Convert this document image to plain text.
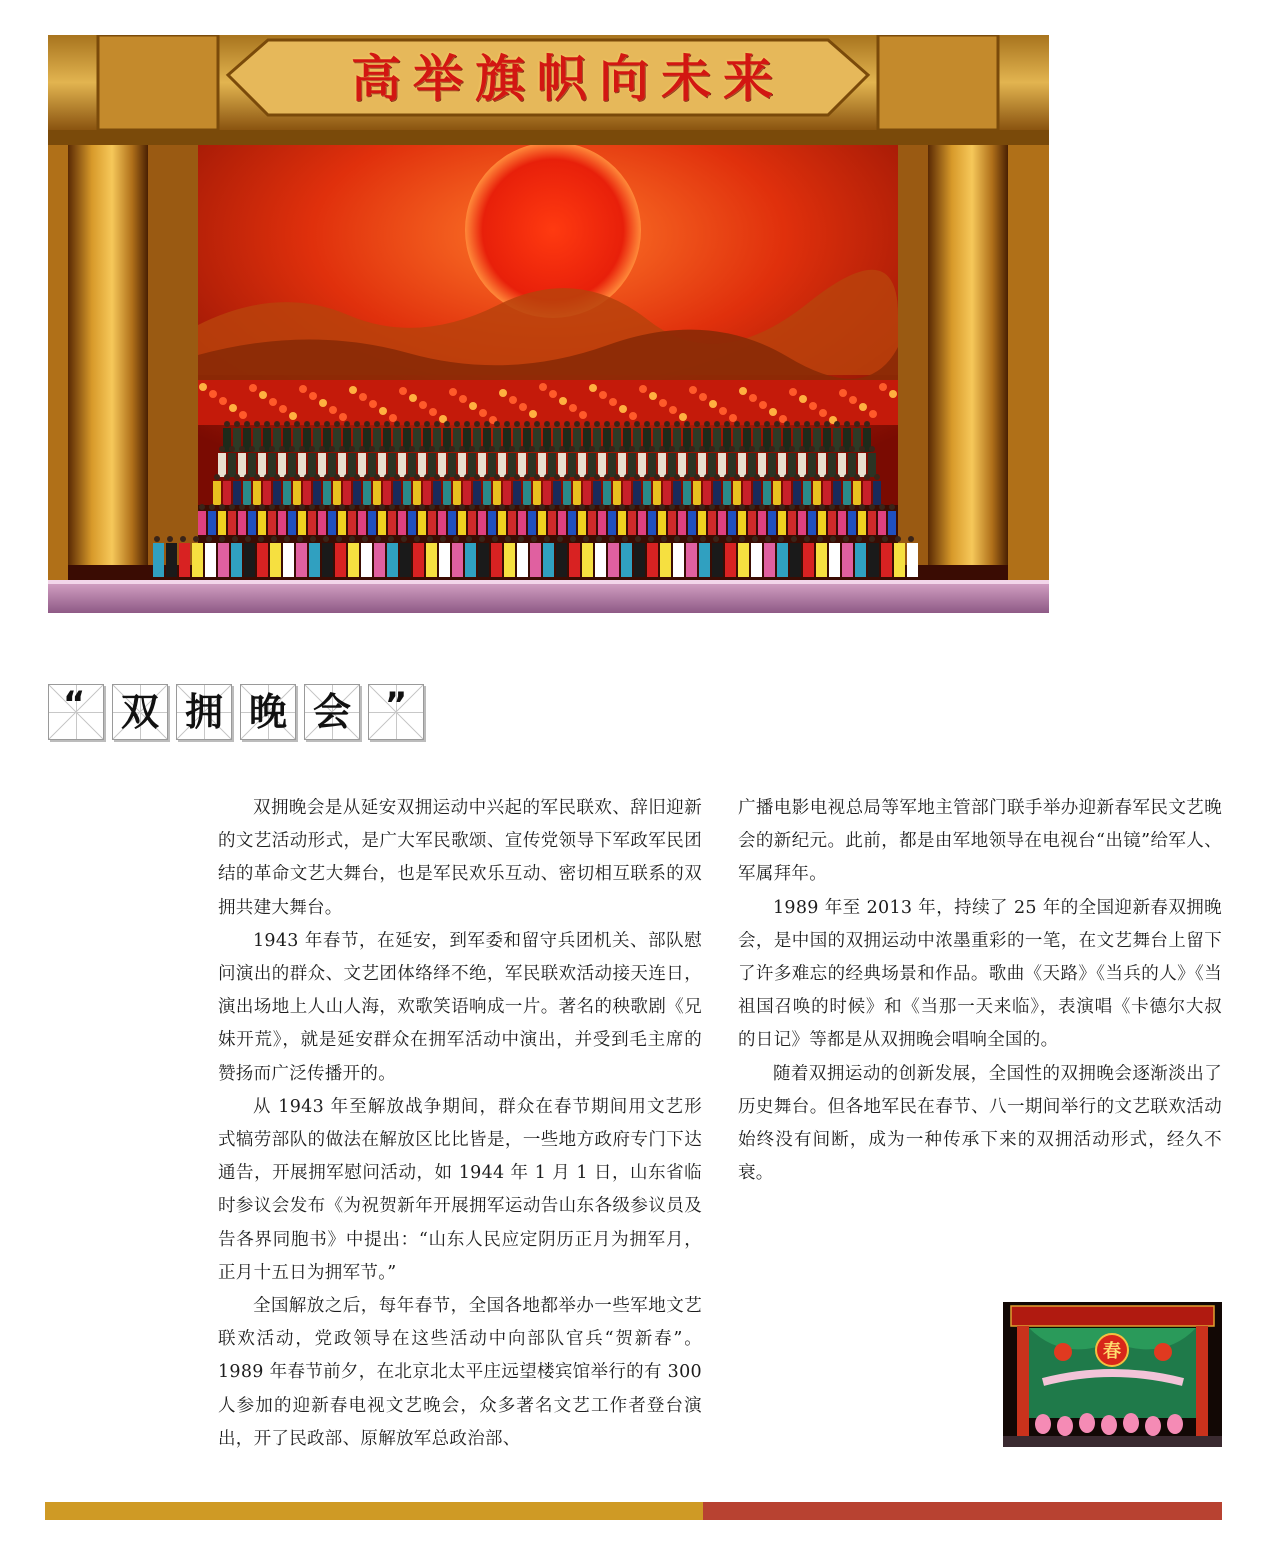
高举旗帜向未来
“ 双 拥 晚 会 ”

双拥晚会是从延安双拥运动中兴起的军民联欢、辞旧迎新的文艺活动形式，是广大军民歌颂、宣传党领导下军政军民团结的革命文艺大舞台，也是军民欢乐互动、密切相互联系的双拥共建大舞台。

1943 年春节，在延安，到军委和留守兵团机关、部队慰问演出的群众、文艺团体络绎不绝，军民联欢活动接天连日，演出场地上人山人海，欢歌笑语响成一片。著名的秧歌剧《兄妹开荒》，就是延安群众在拥军活动中演出，并受到毛主席的赞扬而广泛传播开的。

从 1943 年至解放战争期间，群众在春节期间用文艺形式犒劳部队的做法在解放区比比皆是，一些地方政府专门下达通告，开展拥军慰问活动，如 1944 年 1 月 1 日，山东省临时参议会发布《为祝贺新年开展拥军运动告山东各级参议员及告各界同胞书》中提出：“山东人民应定阴历正月为拥军月，正月十五日为拥军节。”

全国解放之后，每年春节，全国各地都举办一些军地文艺联欢活动，党政领导在这些活动中向部队官兵“贺新春”。1989 年春节前夕，在北京北太平庄远望楼宾馆举行的有 300 人参加的迎新春电视文艺晚会，众多著名文艺工作者登台演出，开了民政部、原解放军总政治部、

广播电影电视总局等军地主管部门联手举办迎新春军民文艺晚会的新纪元。此前，都是由军地领导在电视台“出镜”给军人、军属拜年。

1989 年至 2013 年，持续了 25 年的全国迎新春双拥晚会，是中国的双拥运动中浓墨重彩的一笔，在文艺舞台上留下了许多难忘的经典场景和作品。歌曲《天路》《当兵的人》《当祖国召唤的时候》和《当那一天来临》，表演唱《卡德尔大叔的日记》等都是从双拥晚会唱响全国的。

随着双拥运动的创新发展，全国性的双拥晚会逐渐淡出了历史舞台。但各地军民在春节、八一期间举行的文艺联欢活动始终没有间断，成为一种传承下来的双拥活动形式，经久不衰。

春
